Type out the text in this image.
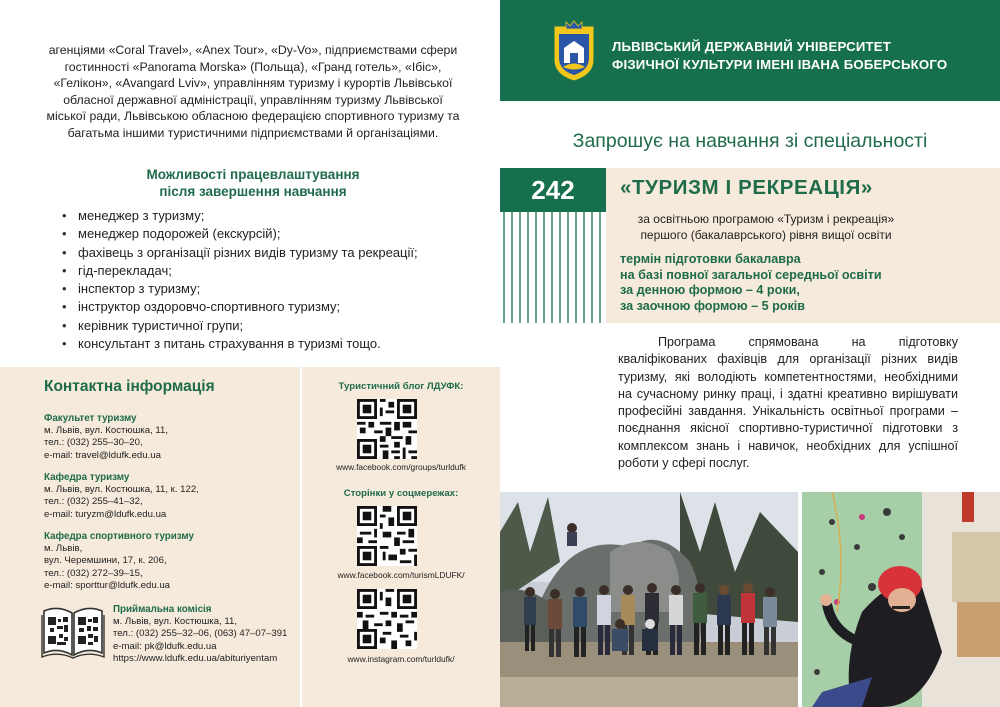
агенціями «Coral Travel», «Anex Tour», «Dy-Vo», підприємствами сфери гостинності «Panorama Morska» (Польща), «Гранд готель», «Ібіс», «Гелікон», «Avangard Lviv», управлінням туризму і курортів Львівської обласної державної адміністрації, управлінням туризму Львівської міської ради, Львівською обласною федерацією спортивного туризму та багатьма іншими туристичними підприємствами й організаціями.
Можливості працевлаштування
після завершення навчання
• менеджер з туризму;
• менеджер подорожей (екскурсій);
• фахівець з організації різних видів туризму та рекреації;
• гід-перекладач;
• інспектор з туризму;
• інструктор оздоровчо-спортивного туризму;
• керівник туристичної групи;
• консультант з питань страхування в туризмі тощо.
Контактна інформація
Факультет туризму
м. Львів, вул. Костюшка, 11,
тел.: (032) 255–30–20,
e-mail: travel@ldufk.edu.ua
Кафедра туризму
м. Львів, вул. Костюшка, 11, к. 122,
тел.: (032) 255–41–32,
e-mail: turyzm@ldufk.edu.ua
Кафедра спортивного туризму
м. Львів,
вул. Черемшини, 17, к. 206,
тел.: (032) 272–39–15,
e-mail: sporttur@ldufk.edu.ua
Приймальна комісія
м. Львів, вул. Костюшка, 11,
тел.: (032) 255–32–06, (063) 47–07–391
e-mail: pk@ldufk.edu.ua
https://www.ldufk.edu.ua/abituriyentam
Туристичний блог ЛДУФК:
www.facebook.com/groups/turldufk
Сторінки у соцмережах:
www.facebook.com/turismLDUFK/
www.instagram.com/turldufk/
ЛЬВІВСЬКИЙ ДЕРЖАВНИЙ УНІВЕРСИТЕТ
ФІЗИЧНОЇ КУЛЬТУРИ ІМЕНІ ІВАНА БОБЕРСЬКОГО
Запрошує на навчання зі спеціальності
242	«ТУРИЗМ І РЕКРЕАЦІЯ»
за освітньою програмою «Туризм і рекреація»
першого (бакалаврського) рівня вищої освіти
термін підготовки бакалавра
на базі повної загальної середньої освіти
за денною формою – 4 роки,
за заочною формою – 5 років
Програма спрямована на підготовку кваліфікованих фахівців для організації різних видів туризму, які володіють компетентностями, необхідними на сучасному ринку праці, і здатні креативно вирішувати професійні завдання. Унікальність освітньої програми – поєднання якісної спортивно-туристичної підготовки з комплексом знань і навичок, необхідних для успішної роботи у сфері послуг.
